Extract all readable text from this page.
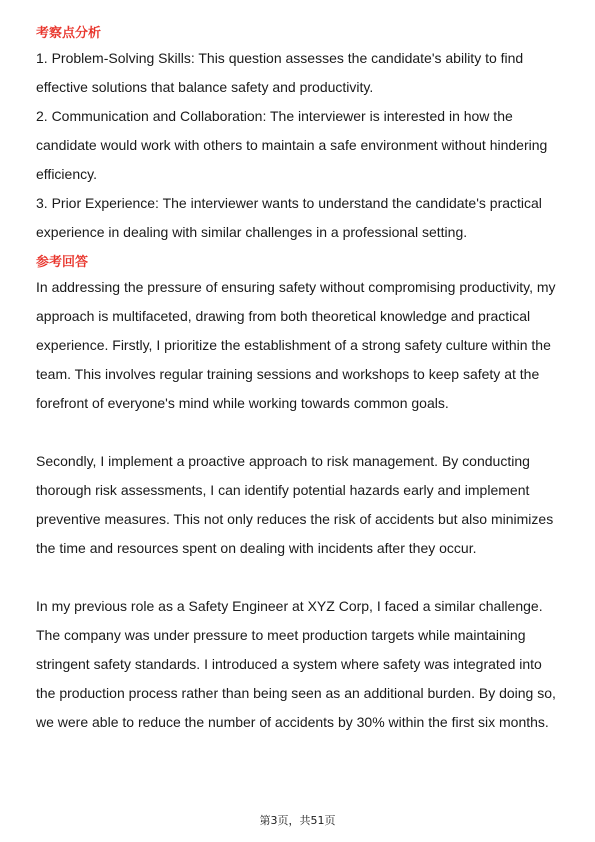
考察点分析

1. Problem-Solving Skills: This question assesses the candidate's ability to find effective solutions that balance safety and productivity.

2. Communication and Collaboration: The interviewer is interested in how the candidate would work with others to maintain a safe environment without hindering efficiency.

3. Prior Experience: The interviewer wants to understand the candidate's practical experience in dealing with similar challenges in a professional setting.

参考回答

In addressing the pressure of ensuring safety without compromising productivity, my approach is multifaceted, drawing from both theoretical knowledge and practical experience. Firstly, I prioritize the establishment of a strong safety culture within the team. This involves regular training sessions and workshops to keep safety at the forefront of everyone's mind while working towards common goals.

Secondly, I implement a proactive approach to risk management. By conducting thorough risk assessments, I can identify potential hazards early and implement preventive measures. This not only reduces the risk of accidents but also minimizes the time and resources spent on dealing with incidents after they occur.

In my previous role as a Safety Engineer at XYZ Corp, I faced a similar challenge. The company was under pressure to meet production targets while maintaining stringent safety standards. I introduced a system where safety was integrated into the production process rather than being seen as an additional burden. By doing so, we were able to reduce the number of accidents by 30% within the first six months.

第3页，共51页
